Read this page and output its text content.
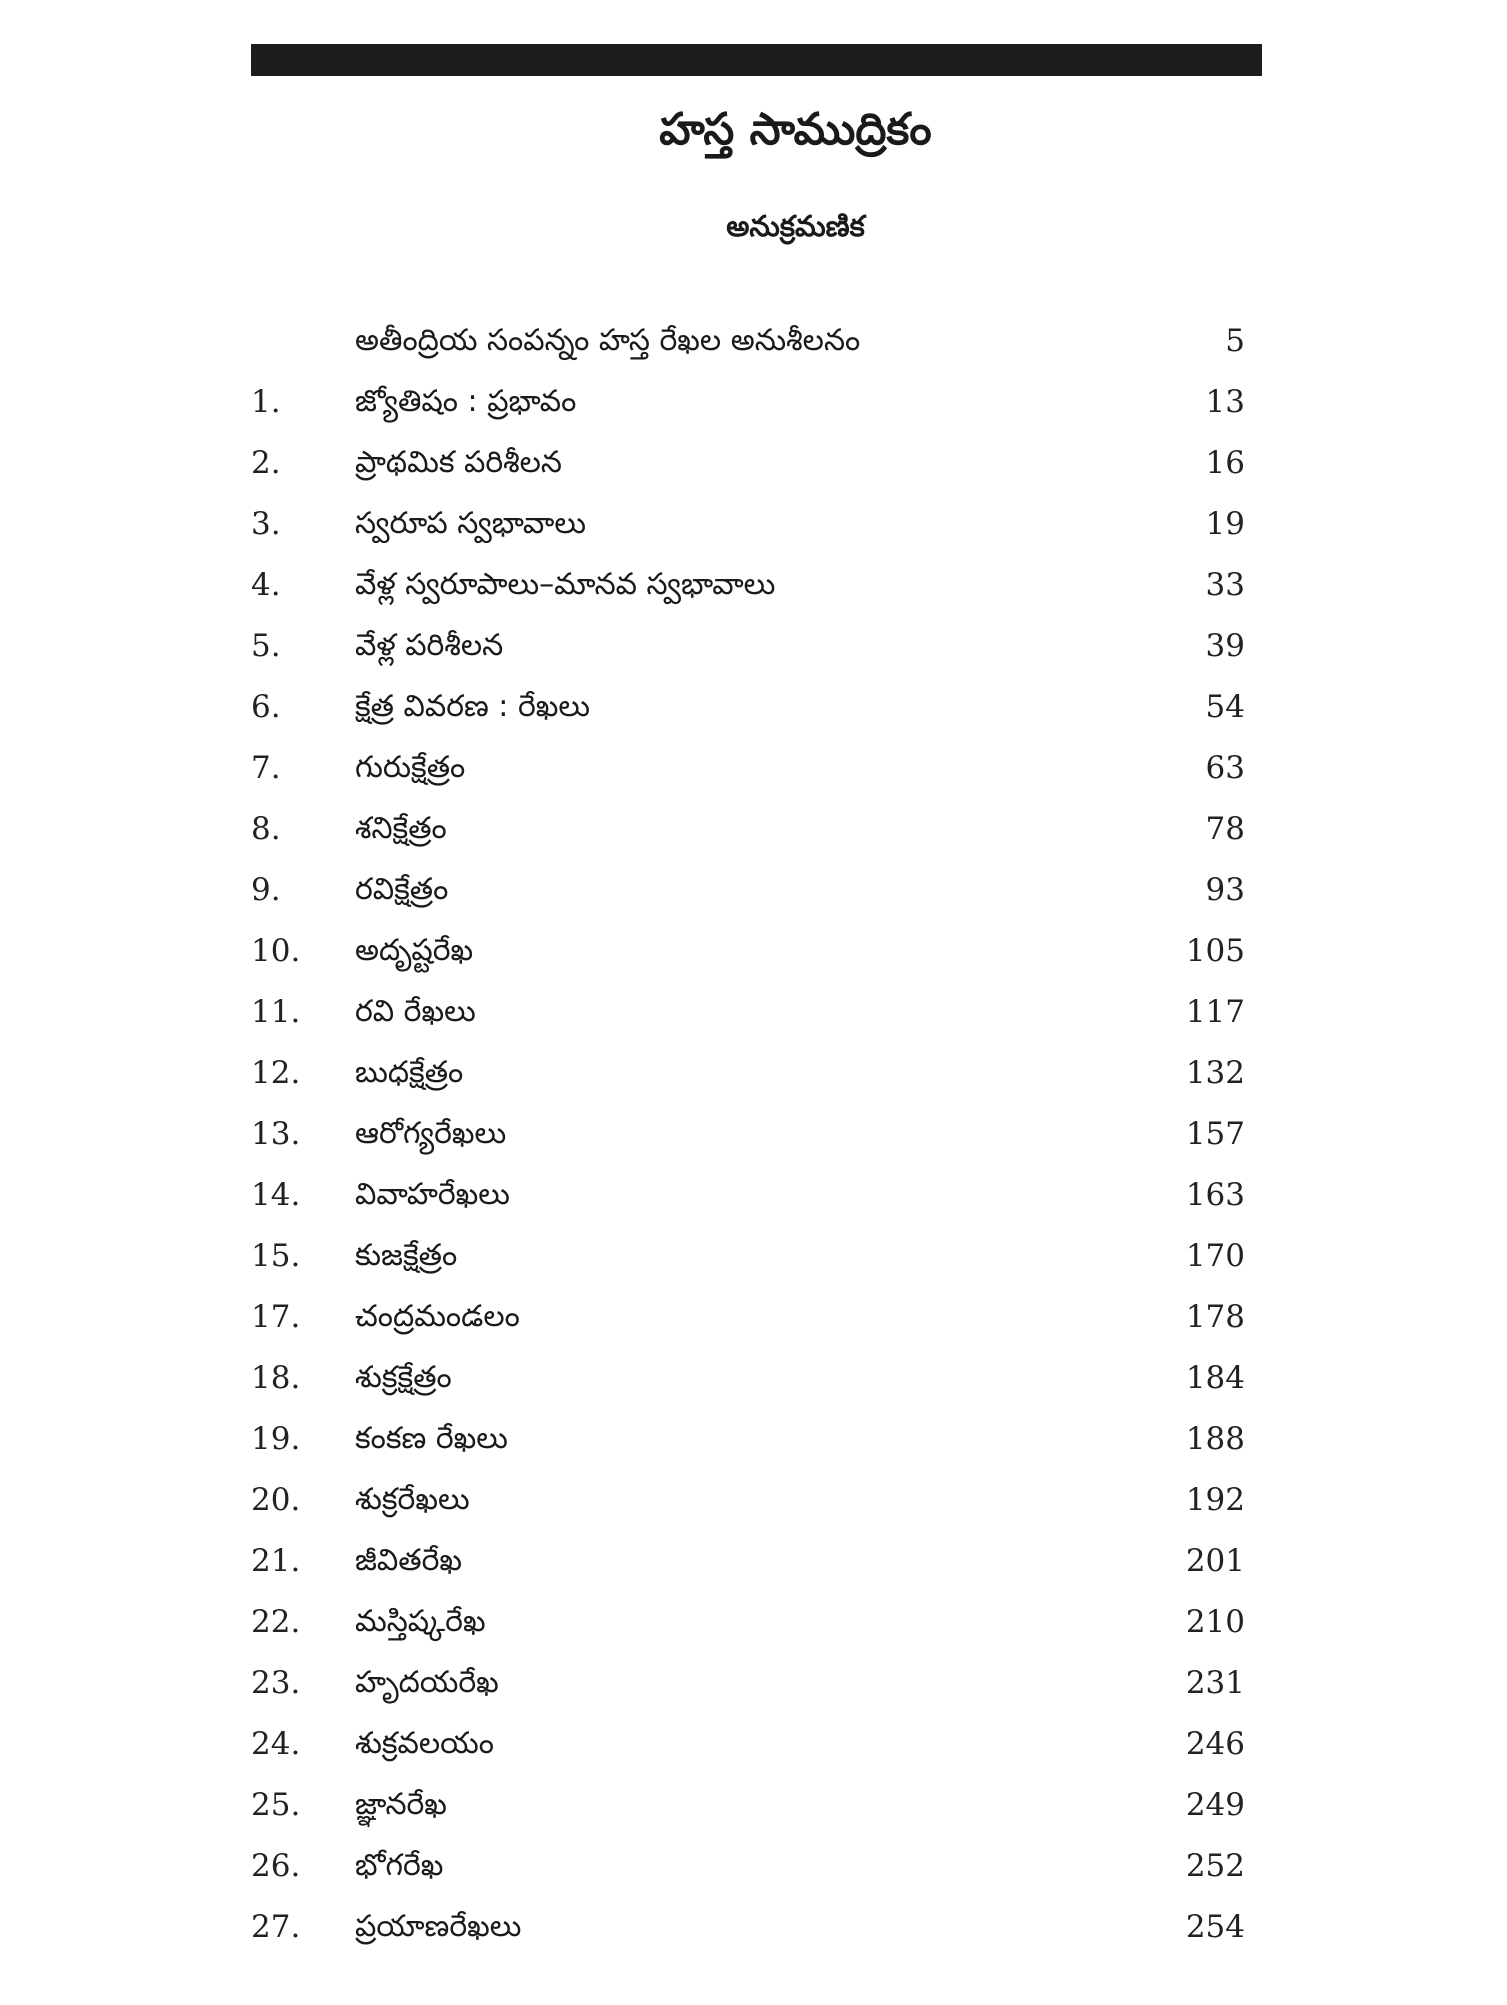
హస్త సాముద్రికం
అనుక్రమణిక
అతీంద్రియ సంపన్నం హస్త రేఖల అనుశీలనం	5
1. జ్యోతిషం : ప్రభావం	13
2. ప్రాథమిక పరిశీలన	16
3. స్వరూప స్వభావాలు	19
4. వేళ్ల స్వరూపాలు–మానవ స్వభావాలు	33
5. వేళ్ల పరిశీలన	39
6. క్షేత్ర వివరణ : రేఖలు	54
7. గురుక్షేత్రం	63
8. శనిక్షేత్రం	78
9. రవిక్షేత్రం	93
10. అదృష్టరేఖ	105
11. రవి రేఖలు	117
12. బుధక్షేత్రం	132
13. ఆరోగ్యరేఖలు	157
14. వివాహరేఖలు	163
15. కుజక్షేత్రం	170
17. చంద్రమండలం	178
18. శుక్రక్షేత్రం	184
19. కంకణ రేఖలు	188
20. శుక్రరేఖలు	192
21. జీవితరేఖ	201
22. మస్తిష్కరేఖ	210
23. హృదయరేఖ	231
24. శుక్రవలయం	246
25. జ్ఞానరేఖ	249
26. భోగరేఖ	252
27. ప్రయాణరేఖలు	254
